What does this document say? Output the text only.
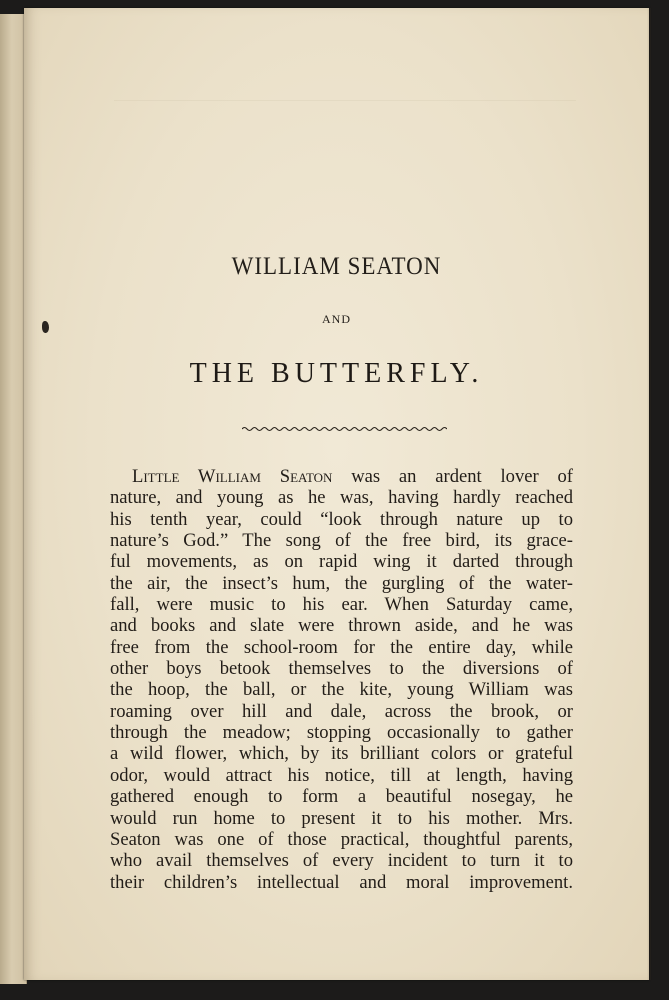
WILLIAM SEATON
AND
THE BUTTERFLY.
Little William Seaton was an ardent lover of
nature, and young as he was, having hardly reached
his tenth year, could “look through nature up to
nature’s God.” The song of the free bird, its grace-
ful movements, as on rapid wing it darted through
the air, the insect’s hum, the gurgling of the water-
fall, were music to his ear. When Saturday came,
and books and slate were thrown aside, and he was
free from the school-room for the entire day, while
other boys betook themselves to the diversions of
the hoop, the ball, or the kite, young William was
roaming over hill and dale, across the brook, or
through the meadow; stopping occasionally to gather
a wild flower, which, by its brilliant colors or grateful
odor, would attract his notice, till at length, having
gathered enough to form a beautiful nosegay, he
would run home to present it to his mother. Mrs.
Seaton was one of those practical, thoughtful parents,
who avail themselves of every incident to turn it to
their children’s intellectual and moral improvement.
